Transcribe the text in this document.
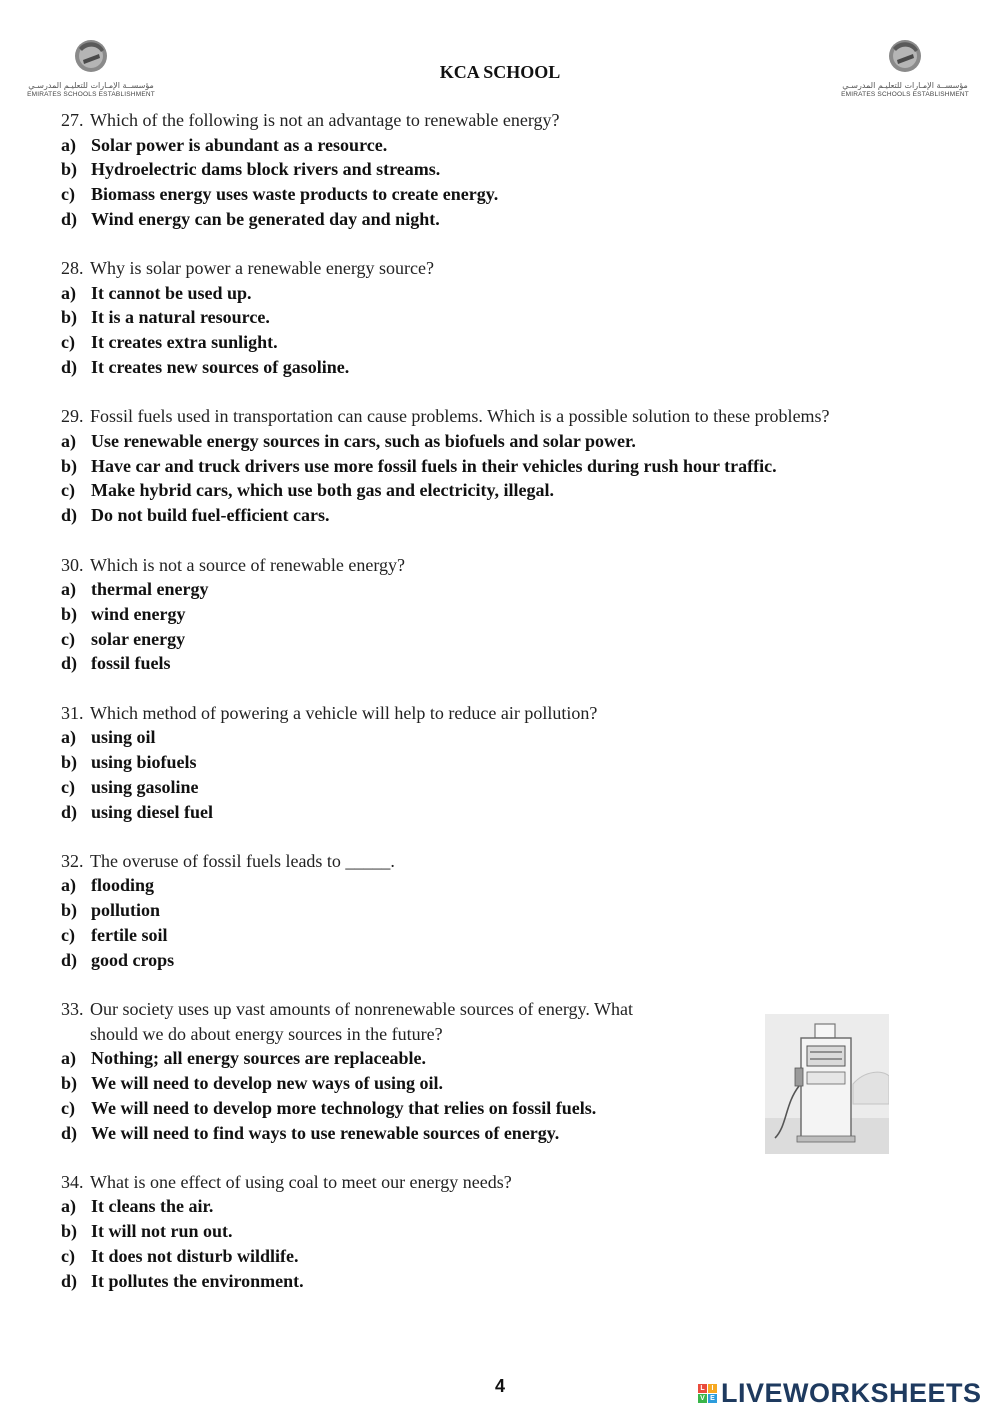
مؤسســة الإمـارات للتعليـم المدرسـي
EMIRATES SCHOOLS ESTABLISHMENT
KCA SCHOOL
مؤسســة الإمـارات للتعليـم المدرسـي
EMIRATES SCHOOLS ESTABLISHMENT
27. Which of the following is not an advantage to renewable energy?
a) Solar power is abundant as a resource.
b) Hydroelectric dams block rivers and streams.
c) Biomass energy uses waste products to create energy.
d) Wind energy can be generated day and night.
28. Why is solar power a renewable energy source?
a) It cannot be used up.
b) It is a natural resource.
c) It creates extra sunlight.
d) It creates new sources of gasoline.
29. Fossil fuels used in transportation can cause problems. Which is a possible solution to these problems?
a) Use renewable energy sources in cars, such as biofuels and solar power.
b) Have car and truck drivers use more fossil fuels in their vehicles during rush hour traffic.
c) Make hybrid cars, which use both gas and electricity, illegal.
d) Do not build fuel-efficient cars.
30. Which is not a source of renewable energy?
a) thermal energy
b) wind energy
c) solar energy
d) fossil fuels
31. Which method of powering a vehicle will help to reduce air pollution?
a) using oil
b) using biofuels
c) using gasoline
d) using diesel fuel
32. The overuse of fossil fuels leads to _____.
a) flooding
b) pollution
c) fertile soil
d) good crops
33. Our society uses up vast amounts of nonrenewable sources of energy. What
should we do about energy sources in the future?
a) Nothing; all energy sources are replaceable.
b) We will need to develop new ways of using oil.
c) We will need to develop more technology that relies on fossil fuels.
d) We will need to find ways to use renewable sources of energy.
34. What is one effect of using coal to meet our energy needs?
a) It cleans the air.
b) It will not run out.
c) It does not disturb wildlife.
d) It pollutes the environment.
4	L I
V E LIVEWORKSHEETS
